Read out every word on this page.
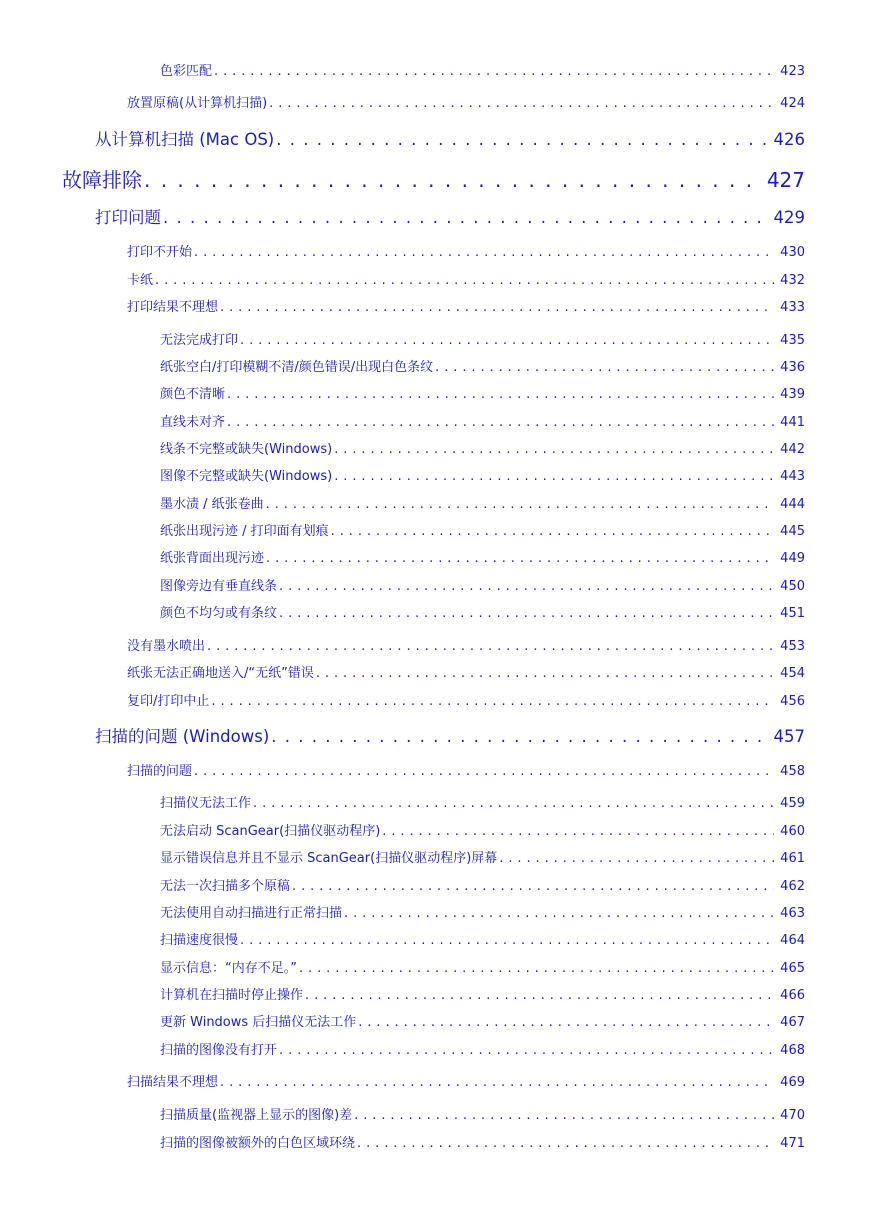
色彩匹配 . . .	423
放置原稿(从计算机扫描) . . .	424
从计算机扫描 (Mac OS) . . .	426
故障排除 . . .	427
打印问题 . . .	429
打印不开始 . . .	430
卡纸 . . .	432
打印结果不理想 . . .	433
无法完成打印 . . .	435
纸张空白/打印模糊不清/颜色错误/出现白色条纹 . . .	436
颜色不清晰 . . .	439
直线未对齐 . . .	441
线条不完整或缺失(Windows) . . .	442
图像不完整或缺失(Windows) . . .	443
墨水渍 / 纸张卷曲 . . .	444
纸张出现污迹 / 打印面有划痕 . . .	445
纸张背面出现污迹 . . .	449
图像旁边有垂直线条 . . .	450
颜色不均匀或有条纹 . . .	451
没有墨水喷出 . . .	453
纸张无法正确地送入/“无纸”错误 . . .	454
复印/打印中止 . . .	456
扫描的问题 (Windows) . . .	457
扫描的问题 . . .	458
扫描仪无法工作 . . .	459
无法启动 ScanGear(扫描仪驱动程序) . . .	460
显示错误信息并且不显示 ScanGear(扫描仪驱动程序)屏幕 . . .	461
无法一次扫描多个原稿 . . .	462
无法使用自动扫描进行正常扫描 . . .	463
扫描速度很慢 . . .	464
显示信息：“内存不足。” . . .	465
计算机在扫描时停止操作 . . .	466
更新 Windows 后扫描仪无法工作 . . .	467
扫描的图像没有打开 . . .	468
扫描结果不理想 . . .	469
扫描质量(监视器上显示的图像)差 . . .	470
扫描的图像被额外的白色区域环绕 . . .	471
